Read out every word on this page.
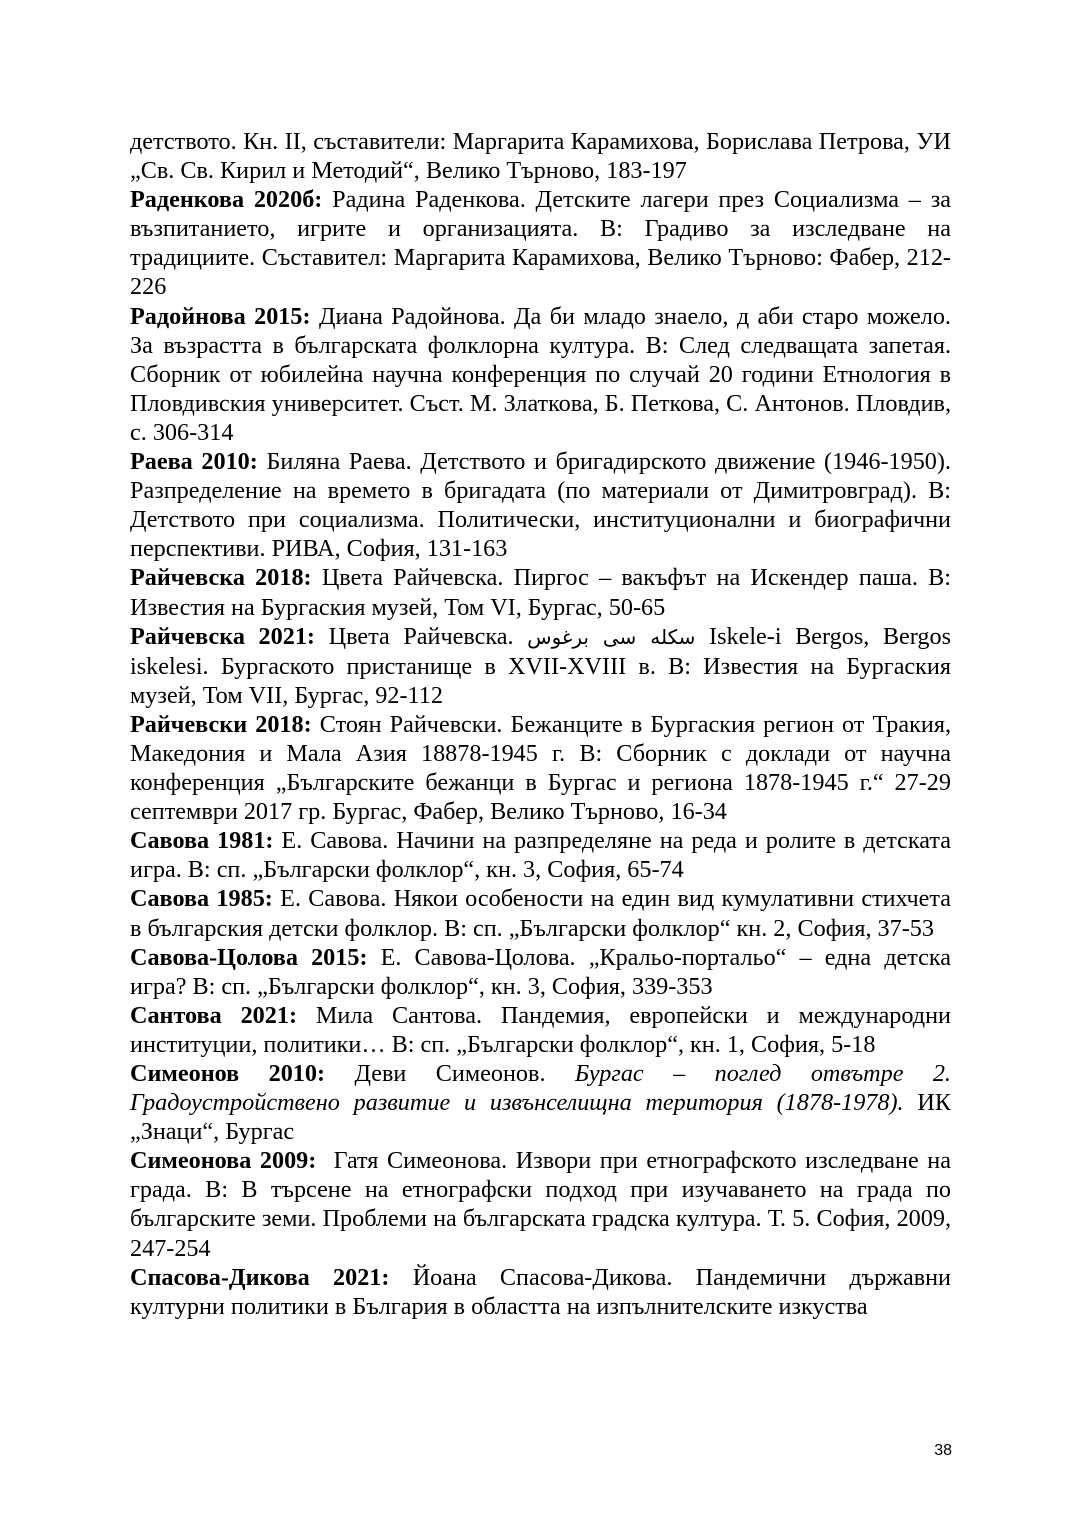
детството. Кн. II, съставители: Маргарита Карамихова, Борислава Петрова, УИ „Св. Св. Кирил и Методий“, Велико Търново, 183-197

Раденкова 2020б: Радина Раденкова. Детските лагери през Социализма – за възпитанието, игрите и организацията. В: Градиво за изследване на традициите. Съставител: Маргарита Карамихова, Велико Търново: Фабер, 212-226

Радойнова 2015: Диана Радойнова. Да би младо знаело, д аби старо можело. За възрастта в българската фолклорна култура. В: След следващата запетая. Сборник от юбилейна научна конференция по случай 20 години Етнология в Пловдивския университет. Съст. М. Златкова, Б. Петкова, С. Антонов. Пловдив, с. 306-314

Раева 2010: Биляна Раева. Детството и бригадирското движение (1946-1950). Разпределение на времето в бригадата (по материали от Димитровград). В: Детството при социализма. Политически, институционални и биографични перспективи. РИВА, София, 131-163

Райчевска 2018: Цвета Райчевска. Пиргос – вакъфът на Искендер паша. В: Известия на Бургаския музей, Том VI, Бургас, 50-65

Райчевска 2021: Цвета Райчевска. سكله سى برغوس Iskele-i Bergos, Bergos iskelesi. Бургаското пристанище в XVII-XVIII в. В: Известия на Бургаския музей, Том VII, Бургас, 92-112

Райчевски 2018: Стоян Райчевски. Бежанците в Бургаския регион от Тракия, Македония и Мала Азия 18878-1945 г. В: Сборник с доклади от научна конференция „Българските бежанци в Бургас и региона 1878-1945 г.“ 27-29 септември 2017 гр. Бургас, Фабер, Велико Търново, 16-34

Савова 1981: Е. Савова. Начини на разпределяне на реда и ролите в детската игра. В: сп. „Български фолклор“, кн. 3, София, 65-74

Савова 1985: Е. Савова. Някои особености на един вид кумулативни стихчета в българския детски фолклор. В: сп. „Български фолклор“ кн. 2, София, 37-53

Савова-Цолова 2015: Е. Савова-Цолова. „Кральо-портальо“ – една детска игра? В: сп. „Български фолклор“, кн. 3, София, 339-353

Сантова 2021: Мила Сантова. Пандемия, европейски и международни институции, политики… В: сп. „Български фолклор“, кн. 1, София, 5-18

Симеонов 2010: Деви Симеонов. Бургас – поглед отвътре 2. Градоустройствено развитие и извънселищна територия (1878-1978). ИК „Знаци“, Бургас

Симеонова 2009:  Гатя Симеонова. Извори при етнографското изследване на града. В: В търсене на етнографски подход при изучаването на града по българските земи. Проблеми на българската градска култура. Т. 5. София, 2009, 247-254

Спасова-Дикова 2021: Йоана Спасова-Дикова. Пандемични държавни културни политики в България в областта на изпълнителските изкуства

38
